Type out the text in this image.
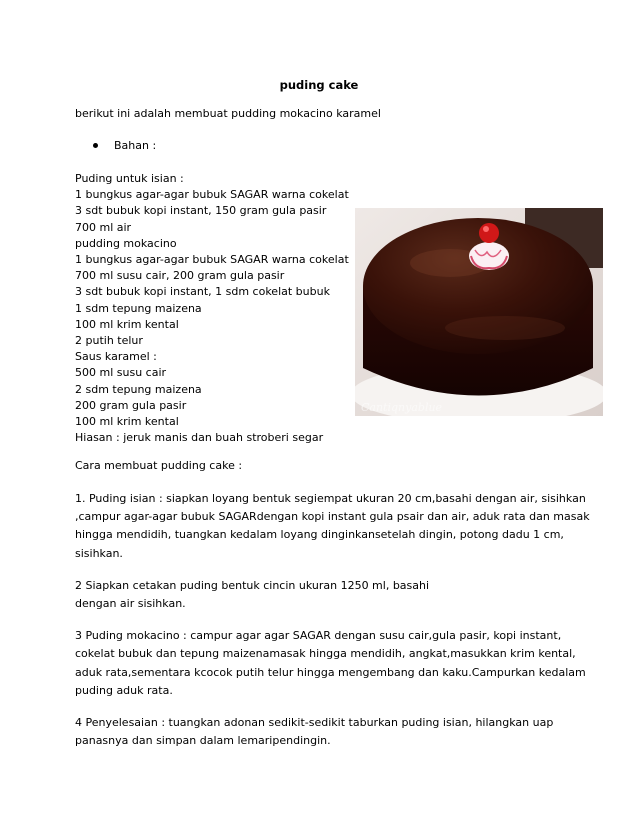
puding cake
berikut ini adalah membuat pudding mokacino karamel
Bahan :
Puding untuk isian :
1 bungkus agar-agar bubuk SAGAR warna cokelat
3 sdt bubuk kopi instant, 150 gram gula pasir
700 ml air
pudding mokacino
1 bungkus agar-agar bubuk SAGAR warna cokelat
700 ml susu cair, 200 gram gula pasir
3 sdt bubuk kopi instant, 1 sdm cokelat bubuk
1 sdm tepung maizena
100 ml krim kental
2 putih telur
Saus karamel :
500 ml susu cair
2 sdm tepung maizena
200 gram gula pasir
100 ml krim kental
Hiasan : jeruk manis dan buah stroberi segar
Cantiqnyablue
Cara membuat pudding cake :
1. Puding isian : siapkan loyang bentuk segiempat ukuran 20 cm,basahi dengan air, sisihkan
,campur agar-agar bubuk SAGARdengan kopi instant gula psair dan air, aduk rata dan masak
hingga mendidih, tuangkan kedalam loyang dinginkansetelah dingin, potong dadu 1 cm,
sisihkan.
2 Siapkan cetakan puding bentuk cincin ukuran 1250 ml, basahi
dengan air sisihkan.
3 Puding mokacino : campur agar agar SAGAR dengan susu cair,gula pasir, kopi instant,
cokelat bubuk dan tepung maizenamasak hingga mendidih, angkat,masukkan krim kental,
aduk rata,sementara kcocok putih telur hingga mengembang dan kaku.Campurkan kedalam
puding aduk rata.
4 Penyelesaian : tuangkan adonan sedikit-sedikit taburkan puding isian, hilangkan uap
panasnya dan simpan dalam lemaripendingin.
